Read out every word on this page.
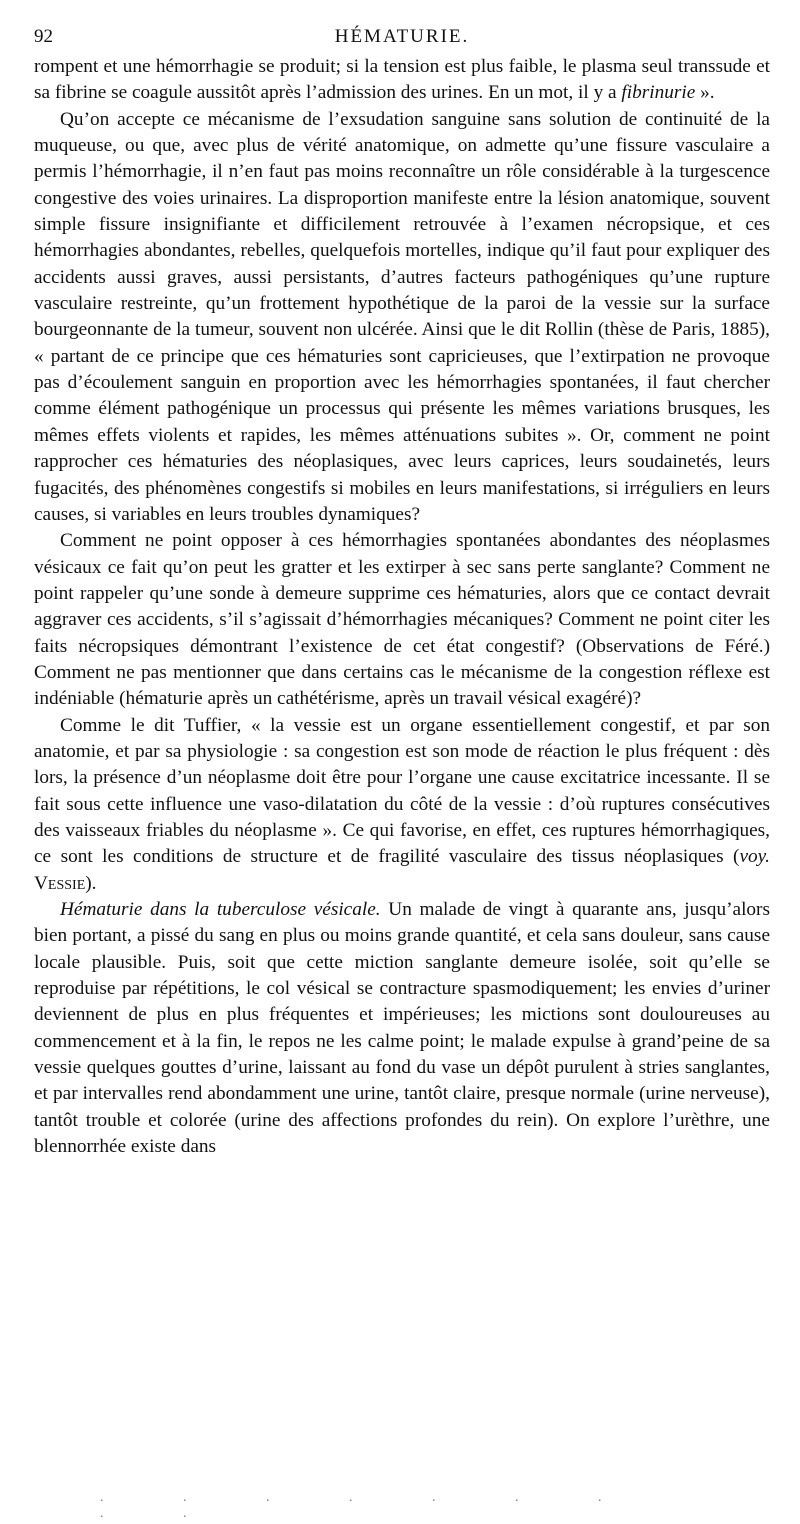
92	HÉMATURIE.

rompent et une hémorrhagie se produit; si la tension est plus faible, le plasma seul transsude et sa fibrine se coagule aussitôt après l’admission des urines. En un mot, il y a fibrinurie ».

Qu’on accepte ce mécanisme de l’exsudation sanguine sans solution de continuité de la muqueuse, ou que, avec plus de vérité anatomique, on admette qu’une fissure vasculaire a permis l’hémorrhagie, il n’en faut pas moins reconnaître un rôle considérable à la turgescence congestive des voies urinaires. La disproportion manifeste entre la lésion anatomique, souvent simple fissure insignifiante et difficilement retrouvée à l’examen nécropsique, et ces hémorrhagies abondantes, rebelles, quelquefois mortelles, indique qu’il faut pour expliquer des accidents aussi graves, aussi persistants, d’autres facteurs pathogéniques qu’une rupture vasculaire restreinte, qu’un frottement hypothétique de la paroi de la vessie sur la surface bourgeonnante de la tumeur, souvent non ulcérée. Ainsi que le dit Rollin (thèse de Paris, 1885), « partant de ce principe que ces hématuries sont capricieuses, que l’extirpation ne provoque pas d’écoulement sanguin en proportion avec les hémorrhagies spontanées, il faut chercher comme élément pathogénique un processus qui présente les mêmes variations brusques, les mêmes effets violents et rapides, les mêmes atténuations subites ». Or, comment ne point rapprocher ces hématuries des néoplasiques, avec leurs caprices, leurs soudainetés, leurs fugacités, des phénomènes congestifs si mobiles en leurs manifestations, si irréguliers en leurs causes, si variables en leurs troubles dynamiques?

Comment ne point opposer à ces hémorrhagies spontanées abondantes des néoplasmes vésicaux ce fait qu’on peut les gratter et les extirper à sec sans perte sanglante? Comment ne point rappeler qu’une sonde à demeure supprime ces hématuries, alors que ce contact devrait aggraver ces accidents, s’il s’agissait d’hémorrhagies mécaniques? Comment ne point citer les faits nécropsiques démontrant l’existence de cet état congestif? (Observations de Féré.) Comment ne pas mentionner que dans certains cas le mécanisme de la congestion réflexe est indéniable (hématurie après un cathétérisme, après un travail vésical exagéré)?

Comme le dit Tuffier, « la vessie est un organe essentiellement congestif, et par son anatomie, et par sa physiologie : sa congestion est son mode de réaction le plus fréquent : dès lors, la présence d’un néoplasme doit être pour l’organe une cause excitatrice incessante. Il se fait sous cette influence une vaso-dilatation du côté de la vessie : d’où ruptures consécutives des vaisseaux friables du néoplasme ». Ce qui favorise, en effet, ces ruptures hémorrhagiques, ce sont les conditions de structure et de fragilité vasculaire des tissus néoplasiques (voy. Vessie).

Hématurie dans la tuberculose vésicale. Un malade de vingt à quarante ans, jusqu’alors bien portant, a pissé du sang en plus ou moins grande quantité, et cela sans douleur, sans cause locale plausible. Puis, soit que cette miction sanglante demeure isolée, soit qu’elle se reproduise par répétitions, le col vésical se contracture spasmodiquement; les envies d’uriner deviennent de plus en plus fréquentes et impérieuses; les mictions sont douloureuses au commencement et à la fin, le repos ne les calme point; le malade expulse à grand’peine de sa vessie quelques gouttes d’urine, laissant au fond du vase un dépôt purulent à stries sanglantes, et par intervalles rend abondamment une urine, tantôt claire, presque normale (urine nerveuse), tantôt trouble et colorée (urine des affections profondes du rein). On explore l’urèthre, une blennorrhée existe dans

. . . . . . . . .
